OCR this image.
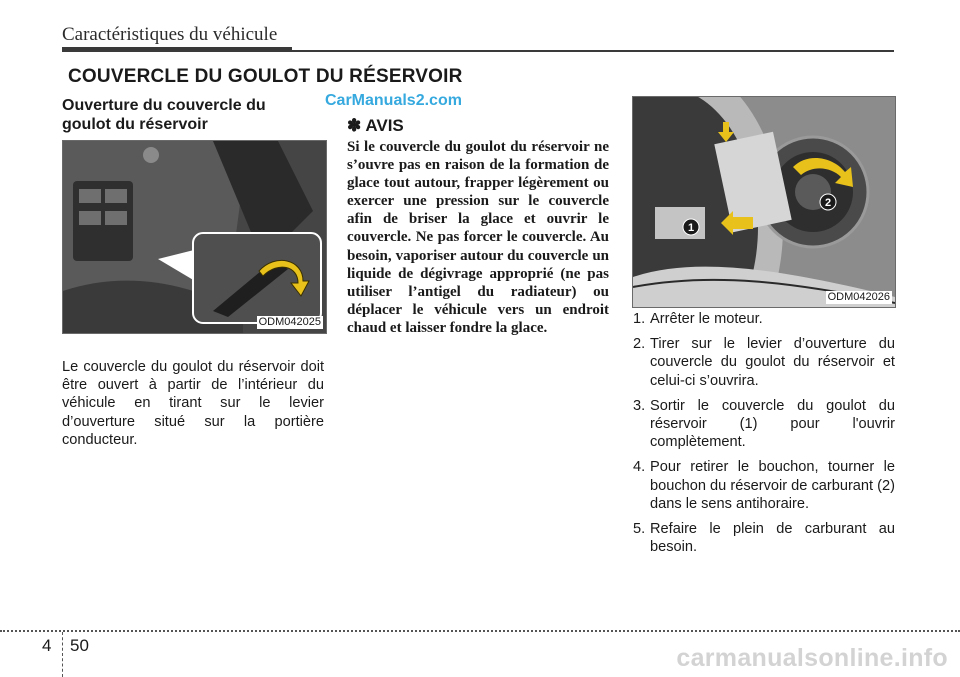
Caractéristiques du véhicule
COUVERCLE DU GOULOT DU RÉSERVOIR
Ouverture du couvercle du goulot du réservoir
CarManuals2.com
ODM042025
1
2
ODM042026

Le couvercle du goulot du réservoir doit être ouvert à partir de l’intérieur du véhicule en tirant sur le levier d’ouverture situé sur la portière conducteur.

✽ AVIS

Si le couvercle du goulot du réservoir ne s’ouvre pas en raison de la formation de glace tout autour, frapper légèrement ou exercer une pression sur le couvercle afin de briser la glace et ouvrir le couvercle. Ne pas forcer le couvercle. Au besoin, vaporiser autour du couvercle un liquide de dégivrage approprié (ne pas utiliser l’antigel du radiateur) ou déplacer le véhicule vers un endroit chaud et laisser fondre la glace.

1. Arrêter le moteur.
2. Tirer sur le levier d’ouverture du couvercle du goulot du réservoir et celui-ci s’ouvrira.
3. Sortir le couvercle du goulot du réservoir (1) pour l'ouvrir complètement.
4. Pour retirer le bouchon, tourner le bouchon du réservoir de carburant (2) dans le sens antihoraire.
5. Refaire le plein de carburant au besoin.
4 50	carmanualsonline.info
